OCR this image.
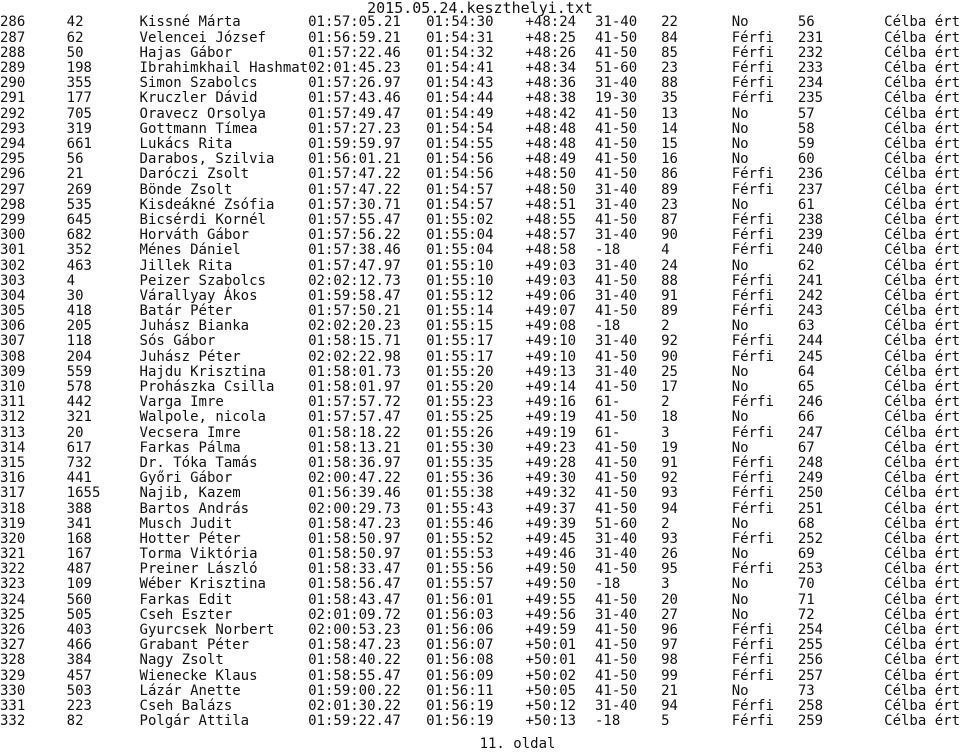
2015.05.24.keszthelyi.txt
286	42	Kissné Márta	01:57:05.21	01:54:30	+48:24	31-40	22	No	56	Célba ért
287	62	Velencei József	01:56:59.21	01:54:31	+48:25	41-50	84	Férfi	231	Célba ért
288	50	Hajas Gábor	01:57:22.46	01:54:32	+48:26	41-50	85	Férfi	232	Célba ért
289	198	Ibrahimkhail Hashmat	02:01:45.23	01:54:41	+48:34	51-60	23	Férfi	233	Célba ért
290	355	Simon Szabolcs	01:57:26.97	01:54:43	+48:36	31-40	88	Férfi	234	Célba ért
291	177	Kruczler Dávid	01:57:43.46	01:54:44	+48:38	19-30	35	Férfi	235	Célba ért
292	705	Oravecz Orsolya	01:57:49.47	01:54:49	+48:42	41-50	13	No	57	Célba ért
293	319	Gottmann Tímea	01:57:27.23	01:54:54	+48:48	41-50	14	No	58	Célba ért
294	661	Lukács Rita	01:59:59.97	01:54:55	+48:48	41-50	15	No	59	Célba ért
295	56	Darabos, Szilvia	01:56:01.21	01:54:56	+48:49	41-50	16	No	60	Célba ért
296	21	Daróczi Zsolt	01:57:47.22	01:54:56	+48:50	41-50	86	Férfi	236	Célba ért
297	269	Bönde Zsolt	01:57:47.22	01:54:57	+48:50	31-40	89	Férfi	237	Célba ért
298	535	Kisdeákné Zsófia	01:57:30.71	01:54:57	+48:51	31-40	23	No	61	Célba ért
299	645	Bicsérdi Kornél	01:57:55.47	01:55:02	+48:55	41-50	87	Férfi	238	Célba ért
300	682	Horváth Gábor	01:57:56.22	01:55:04	+48:57	31-40	90	Férfi	239	Célba ért
301	352	Ménes Dániel	01:57:38.46	01:55:04	+48:58	-18	4	Férfi	240	Célba ért
302	463	Jillek Rita	01:57:47.97	01:55:10	+49:03	31-40	24	No	62	Célba ért
303	4	Peizer Szabolcs	02:02:12.73	01:55:10	+49:03	41-50	88	Férfi	241	Célba ért
304	30	Várallyay Ákos	01:59:58.47	01:55:12	+49:06	31-40	91	Férfi	242	Célba ért
305	418	Batár Péter	01:57:50.21	01:55:14	+49:07	41-50	89	Férfi	243	Célba ért
306	205	Juhász Bianka	02:02:20.23	01:55:15	+49:08	-18	2	No	63	Célba ért
307	118	Sós Gábor	01:58:15.71	01:55:17	+49:10	31-40	92	Férfi	244	Célba ért
308	204	Juhász Péter	02:02:22.98	01:55:17	+49:10	41-50	90	Férfi	245	Célba ért
309	559	Hajdu Krisztina	01:58:01.73	01:55:20	+49:13	31-40	25	No	64	Célba ért
310	578	Prohászka Csilla	01:58:01.97	01:55:20	+49:14	41-50	17	No	65	Célba ért
311	442	Varga Imre	01:57:57.72	01:55:23	+49:16	61-	2	Férfi	246	Célba ért
312	321	Walpole, nicola	01:57:57.47	01:55:25	+49:19	41-50	18	No	66	Célba ért
313	20	Vecsera Imre	01:58:18.22	01:55:26	+49:19	61-	3	Férfi	247	Célba ért
314	617	Farkas Pálma	01:58:13.21	01:55:30	+49:23	41-50	19	No	67	Célba ért
315	732	Dr. Tóka Tamás	01:58:36.97	01:55:35	+49:28	41-50	91	Férfi	248	Célba ért
316	441	Győri Gábor	02:00:47.22	01:55:36	+49:30	41-50	92	Férfi	249	Célba ért
317	1655	Najib, Kazem	01:56:39.46	01:55:38	+49:32	41-50	93	Férfi	250	Célba ért
318	388	Bartos András	02:00:29.73	01:55:43	+49:37	41-50	94	Férfi	251	Célba ért
319	341	Musch Judit	01:58:47.23	01:55:46	+49:39	51-60	2	No	68	Célba ért
320	168	Hotter Péter	01:58:50.97	01:55:52	+49:45	31-40	93	Férfi	252	Célba ért
321	167	Torma Viktória	01:58:50.97	01:55:53	+49:46	31-40	26	No	69	Célba ért
322	487	Preiner László	01:58:33.47	01:55:56	+49:50	41-50	95	Férfi	253	Célba ért
323	109	Wéber Krisztina	01:58:56.47	01:55:57	+49:50	-18	3	No	70	Célba ért
324	560	Farkas Edit	01:58:43.47	01:56:01	+49:55	41-50	20	No	71	Célba ért
325	505	Cseh Eszter	02:01:09.72	01:56:03	+49:56	31-40	27	No	72	Célba ért
326	403	Gyurcsek Norbert	02:00:53.23	01:56:06	+49:59	41-50	96	Férfi	254	Célba ért
327	466	Grabant Péter	01:58:47.23	01:56:07	+50:01	41-50	97	Férfi	255	Célba ért
328	384	Nagy Zsolt	01:58:40.22	01:56:08	+50:01	41-50	98	Férfi	256	Célba ért
329	457	Wienecke Klaus	01:58:55.47	01:56:09	+50:02	41-50	99	Férfi	257	Célba ért
330	503	Lázár Anette	01:59:00.22	01:56:11	+50:05	41-50	21	No	73	Célba ért
331	223	Cseh Balázs	02:01:30.22	01:56:19	+50:12	31-40	94	Férfi	258	Célba ért
332	82	Polgár Attila	01:59:22.47	01:56:19	+50:13	-18	5	Férfi	259	Célba ért
11. oldal
